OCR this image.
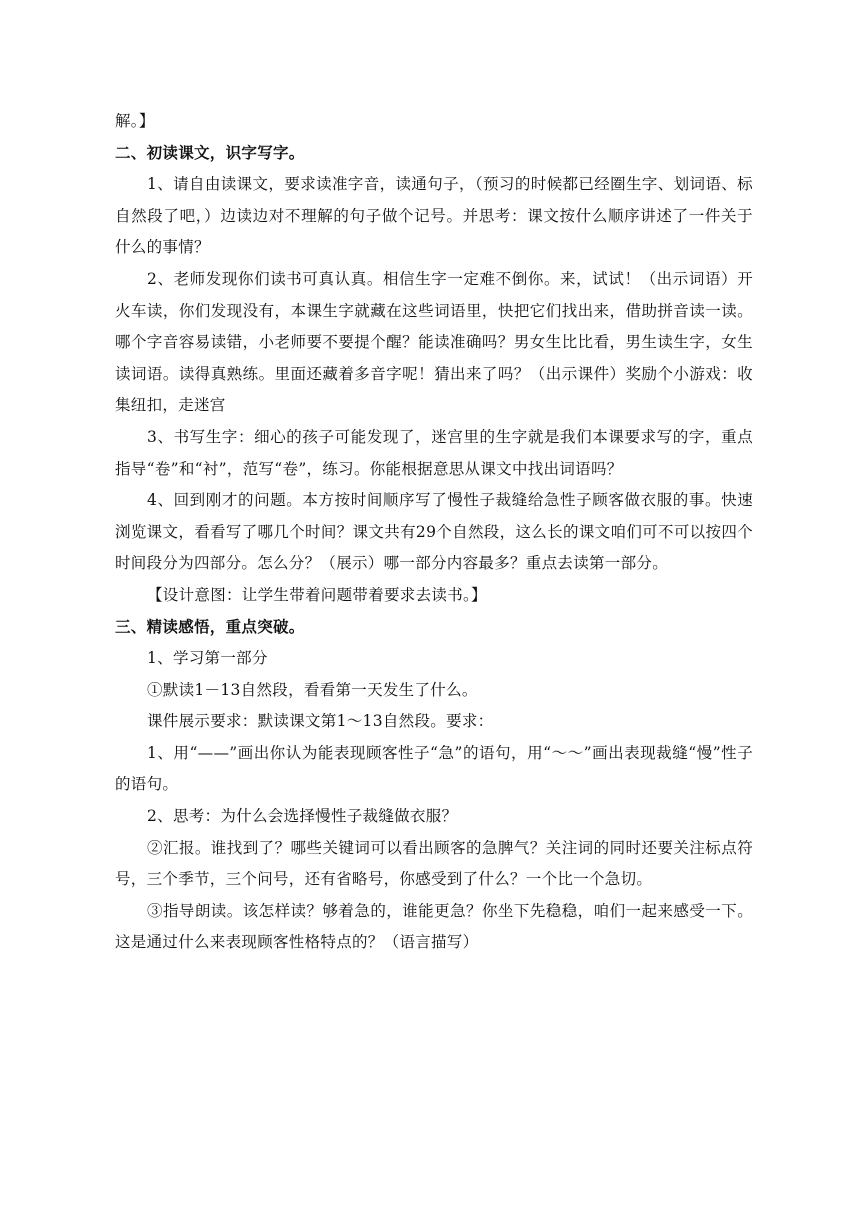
解。】

二、初读课文，识字写字。

1、请自由读课文，要求读准字音，读通句子，（预习的时候都已经圈生字、划词语、标自然段了吧，）边读边对不理解的句子做个记号。并思考：课文按什么顺序讲述了一件关于什么的事情？

2、老师发现你们读书可真认真。相信生字一定难不倒你。来，试试！（出示词语）开火车读，你们发现没有，本课生字就藏在这些词语里，快把它们找出来，借助拼音读一读。哪个字音容易读错，小老师要不要提个醒？能读准确吗？男女生比比看，男生读生字，女生读词语。读得真熟练。里面还藏着多音字呢！猜出来了吗？（出示课件）奖励个小游戏：收集纽扣，走迷宫

3、书写生字：细心的孩子可能发现了，迷宫里的生字就是我们本课要求写的字，重点指导“卷”和“衬”，范写“卷”，练习。你能根据意思从课文中找出词语吗？

4、回到刚才的问题。本方按时间顺序写了慢性子裁缝给急性子顾客做衣服的事。快速浏览课文，看看写了哪几个时间？课文共有29个自然段，这么长的课文咱们可不可以按四个时间段分为四部分。怎么分？（展示）哪一部分内容最多？重点去读第一部分。

【设计意图：让学生带着问题带着要求去读书。】

三、精读感悟，重点突破。

1、学习第一部分

①默读1－13自然段，看看第一天发生了什么。

课件展示要求：默读课文第1～13自然段。要求：

1、用“——”画出你认为能表现顾客性子“急”的语句，用“～～”画出表现裁缝“慢”性子的语句。

2、思考：为什么会选择慢性子裁缝做衣服？

②汇报。谁找到了？哪些关键词可以看出顾客的急脾气？关注词的同时还要关注标点符号，三个季节，三个问号，还有省略号，你感受到了什么？一个比一个急切。

③指导朗读。该怎样读？够着急的，谁能更急？你坐下先稳稳，咱们一起来感受一下。这是通过什么来表现顾客性格特点的？（语言描写）
